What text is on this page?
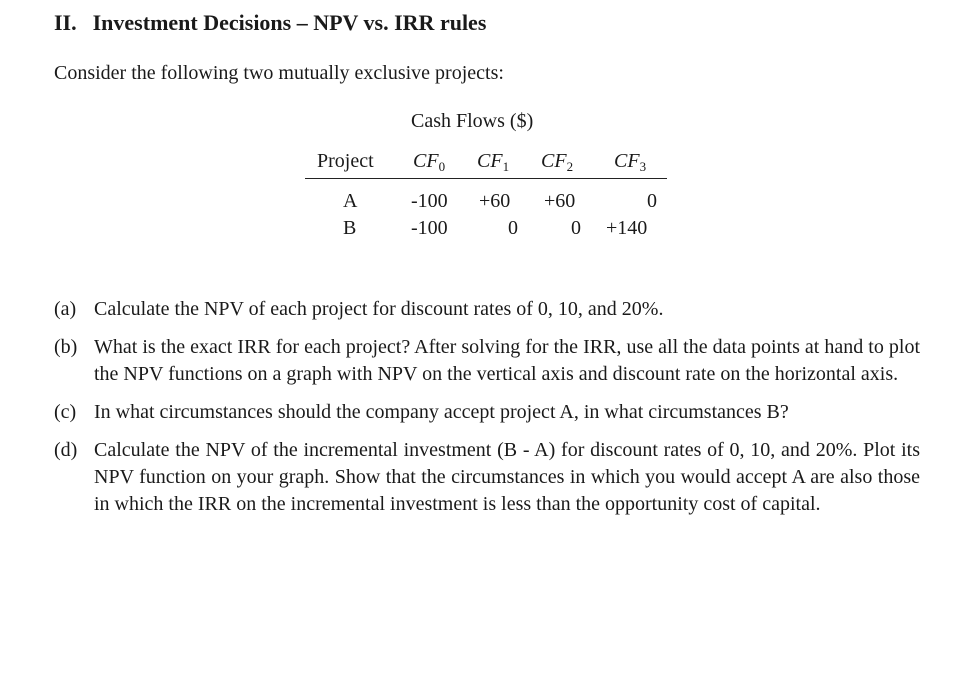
II. Investment Decisions – NPV vs. IRR rules
Consider the following two mutually exclusive projects:
Cash Flows ($)
Project $CF_0$ $CF_1$ $CF_2$ $CF_3$
A	-100 +60 +60	0
B	-100	0	0 +140
(a) Calculate the NPV of each project for discount rates of 0, 10, and 20%.
(b) What is the exact IRR for each project? After solving for the IRR, use all the data points at hand to plot the NPV functions on a graph with NPV on the vertical axis and discount rate on the horizontal axis.
(c) In what circumstances should the company accept project A, in what circumstances B?
(d) Calculate the NPV of the incremental investment (B - A) for discount rates of 0, 10, and 20%. Plot its NPV function on your graph. Show that the circumstances in which you would accept A are also those in which the IRR on the incremental investment is less than the opportunity cost of capital.
